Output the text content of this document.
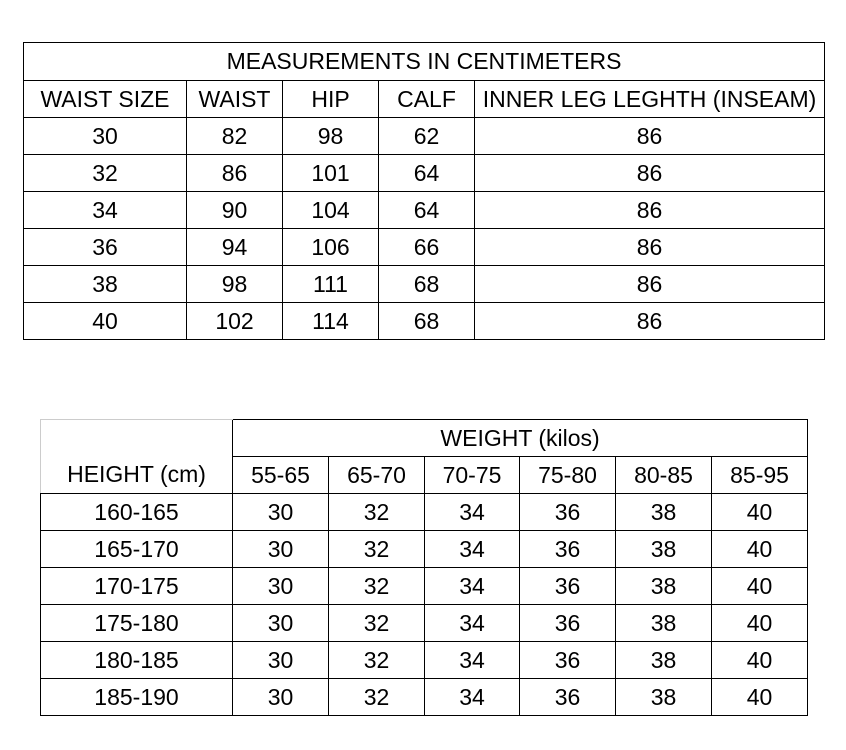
MEASUREMENTS IN CENTIMETERS				
WAIST SIZE	WAIST	HIP	CALF	INNER LEG LEGHTH (INSEAM)
30	82	98	62	86
32	86	101	64	86
34	90	104	64	86
36	94	106	66	86
38	98	111	68	86
40	102	114	68	86
	WEIGHT (kilos)					
HEIGHT (cm)	55-65	65-70	70-75	75-80	80-85	85-95
160-165	30	32	34	36	38	40
165-170	30	32	34	36	38	40
170-175	30	32	34	36	38	40
175-180	30	32	34	36	38	40
180-185	30	32	34	36	38	40
185-190	30	32	34	36	38	40
